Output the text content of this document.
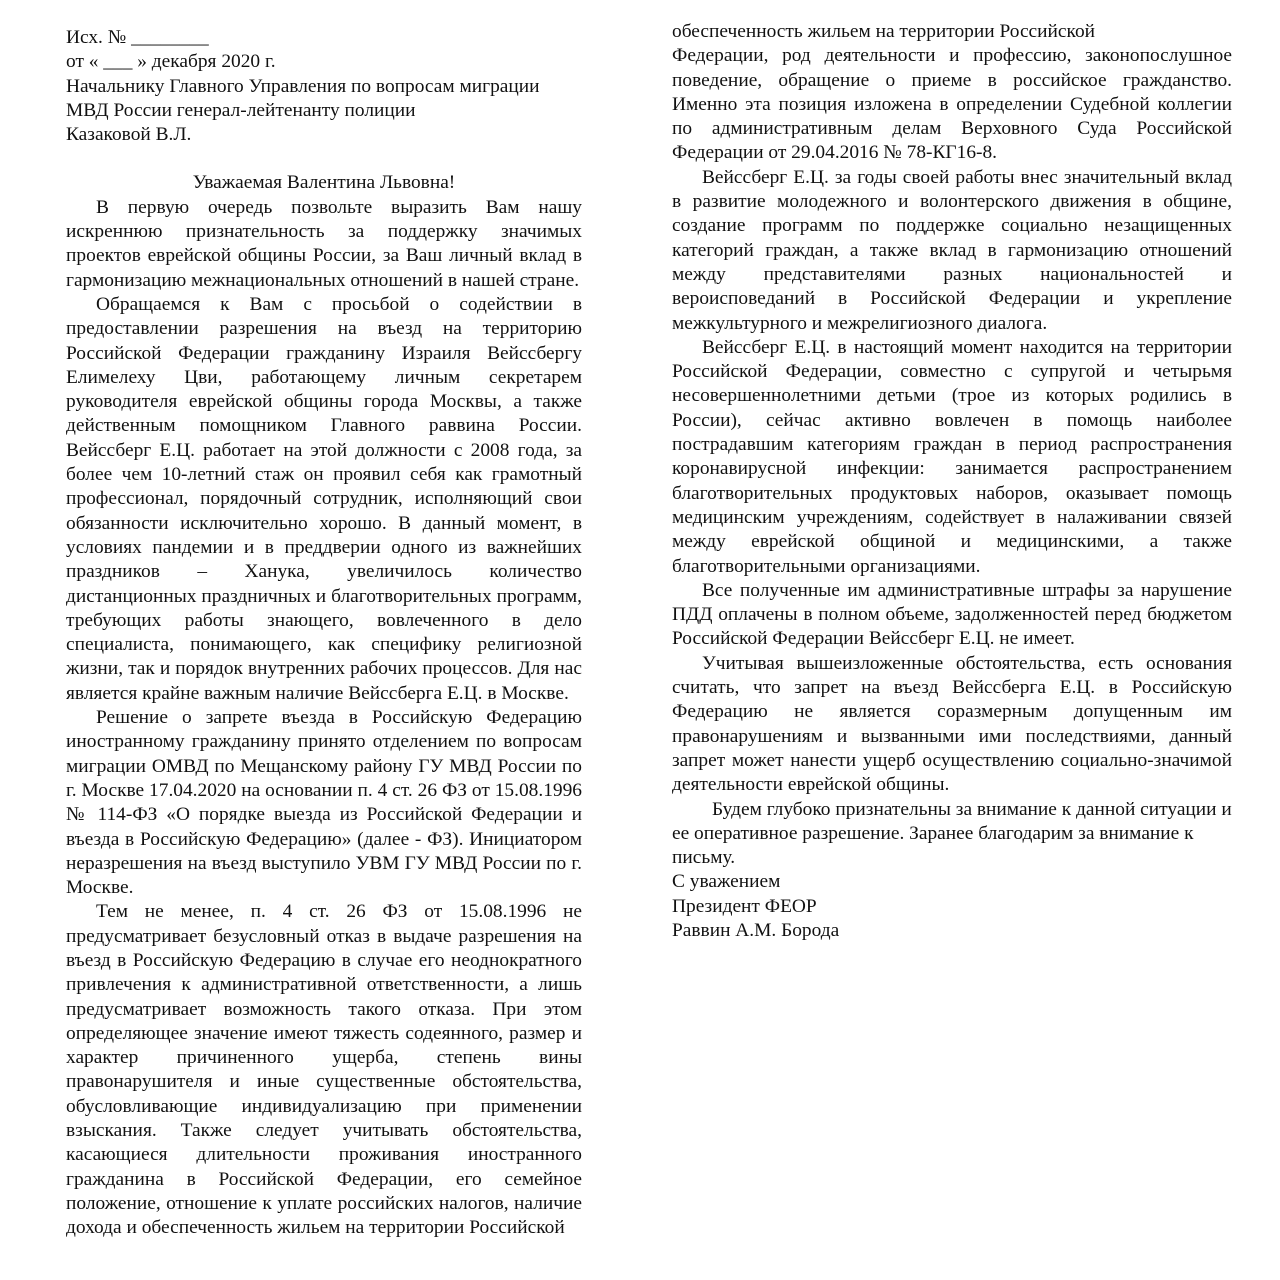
Исх. № ________
от « ___ » декабря 2020 г.
Начальнику Главного Управления по вопросам миграции
МВД России генерал-лейтенанту полиции
Казаковой В.Л.
Уважаемая Валентина Львовна!

В первую очередь позвольте выразить Вам нашу искреннюю признательность за поддержку значимых проектов еврейской общины России, за Ваш личный вклад в гармонизацию межнациональных отношений в нашей стране.

Обращаемся к Вам с просьбой о содействии в предоставлении разрешения на въезд на территорию Российской Федерации гражданину Израиля Вейссбергу Елимелеху Цви, работающему личным секретарем руководителя еврейской общины города Москвы, а также действенным помощником Главного раввина России. Вейссберг Е.Ц. работает на этой должности с 2008 года, за более чем 10-летний стаж он проявил себя как грамотный профессионал, порядочный сотрудник, исполняющий свои обязанности исключительно хорошо. В данный момент, в условиях пандемии и в преддверии одного из важнейших праздников – Ханука, увеличилось количество дистанционных праздничных и благотворительных программ, требующих работы знающего, вовлеченного в дело специалиста, понимающего, как специфику религиозной жизни, так и порядок внутренних рабочих процессов. Для нас является крайне важным наличие Вейссберга Е.Ц. в Москве.

Решение о запрете въезда в Российскую Федерацию иностранному гражданину принято отделением по вопросам миграции ОМВД по Мещанскому району ГУ МВД России по г. Москве 17.04.2020 на основании п. 4 ст. 26 ФЗ от 15.08.1996 № 114-ФЗ «О порядке выезда из Российской Федерации и въезда в Российскую Федерацию» (далее - ФЗ). Инициатором неразрешения на въезд выступило УВМ ГУ МВД России по г. Москве.

Тем не менее, п. 4 ст. 26 ФЗ от 15.08.1996 не предусматривает безусловный отказ в выдаче разрешения на въезд в Российскую Федерацию в случае его неоднократного привлечения к административной ответственности, а лишь предусматривает возможность такого отказа. При этом определяющее значение имеют тяжесть содеянного, размер и характер причиненного ущерба, степень вины правонарушителя и иные существенные обстоятельства, обусловливающие индивидуализацию при применении взыскания. Также следует учитывать обстоятельства, касающиеся длительности проживания иностранного гражданина в Российской Федерации, его семейное положение, отношение к уплате российских налогов, наличие дохода и обеспеченность жильем на территории Российской

обеспеченность жильем на территории Российской

Федерации, род деятельности и профессию, законопослушное поведение, обращение о приеме в российское гражданство. Именно эта позиция изложена в определении Судебной коллегии по административным делам Верховного Суда Российской Федерации от 29.04.2016 № 78-КГ16-8.

Вейссберг Е.Ц. за годы своей работы внес значительный вклад в развитие молодежного и волонтерского движения в общине, создание программ по поддержке социально незащищенных категорий граждан, а также вклад в гармонизацию отношений между представителями разных национальностей и вероисповеданий в Российской Федерации и укрепление межкультурного и межрелигиозного диалога.

Вейссберг Е.Ц. в настоящий момент находится на территории Российской Федерации, совместно с супругой и четырьмя несовершеннолетними детьми (трое из которых родились в России), сейчас активно вовлечен в помощь наиболее пострадавшим категориям граждан в период распространения коронавирусной инфекции: занимается распространением благотворительных продуктовых наборов, оказывает помощь медицинским учреждениям, содействует в налаживании связей между еврейской общиной и медицинскими, а также благотворительными организациями.

Все полученные им административные штрафы за нарушение ПДД оплачены в полном объеме, задолженностей перед бюджетом Российской Федерации Вейссберг Е.Ц. не имеет.

Учитывая вышеизложенные обстоятельства, есть основания считать, что запрет на въезд Вейссберга Е.Ц. в Российскую Федерацию не является соразмерным допущенным им правонарушениям и вызванными ими последствиями, данный запрет может нанести ущерб осуществлению социально-значимой деятельности еврейской общины.

Будем глубоко признательны за внимание к данной ситуации и ее оперативное разрешение. Заранее благодарим за внимание к письму.

С уважением

Президент ФЕОР

Раввин А.М. Борода
